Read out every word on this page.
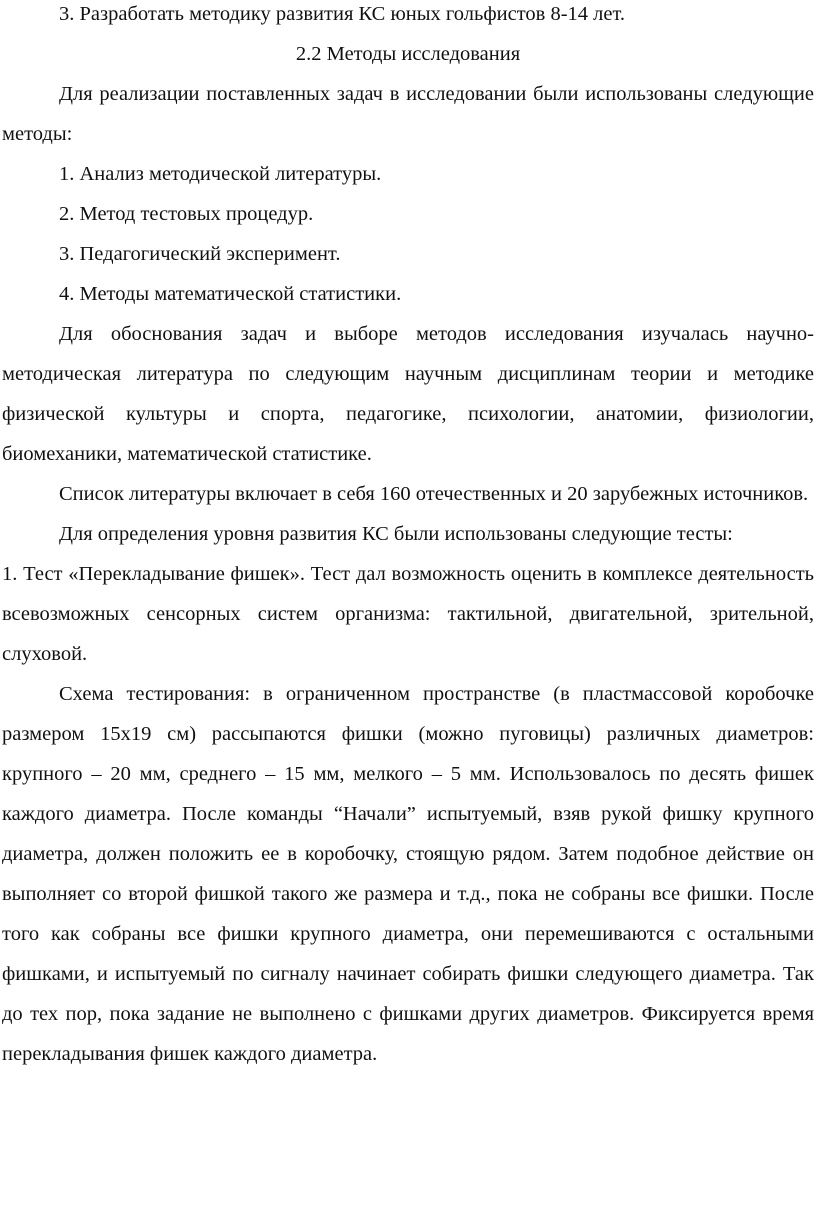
3. Разработать методику развития КС юных гольфистов 8-14 лет.

2.2 Методы исследования

Для реализации поставленных задач в исследовании были использованы следующие методы:

1. Анализ методической литературы.

2. Метод тестовых процедур.

3. Педагогический эксперимент.

4. Методы математической статистики.

Для обоснования задач и выборе методов исследования изучалась научно-методическая литература по следующим научным дисциплинам теории и методике физической культуры и спорта, педагогике, психологии, анатомии, физиологии, биомеханики, математической статистике.

Список литературы включает в себя 160 отечественных и 20 зарубежных источников.

Для определения уровня развития КС были использованы следующие тесты:

1. Тест «Перекладывание фишек». Тест дал возможность оценить в комплексе деятельность всевозможных сенсорных систем организма: тактильной, двигательной, зрительной, слуховой.

Схема тестирования: в ограниченном пространстве (в пластмассовой коробочке размером 15х19 см) рассыпаются фишки (можно пуговицы) различных диаметров: крупного – 20 мм, среднего – 15 мм, мелкого – 5 мм. Использовалось по десять фишек каждого диаметра. После команды “Начали” испытуемый, взяв рукой фишку крупного диаметра, должен положить ее в коробочку, стоящую рядом. Затем подобное действие он выполняет со второй фишкой такого же размера и т.д., пока не собраны все фишки. После того как собраны все фишки крупного диаметра, они перемешиваются с остальными фишками, и испытуемый по сигналу начинает собирать фишки следующего диаметра. Так до тех пор, пока задание не выполнено с фишками других диаметров. Фиксируется время перекладывания фишек каждого диаметра.
